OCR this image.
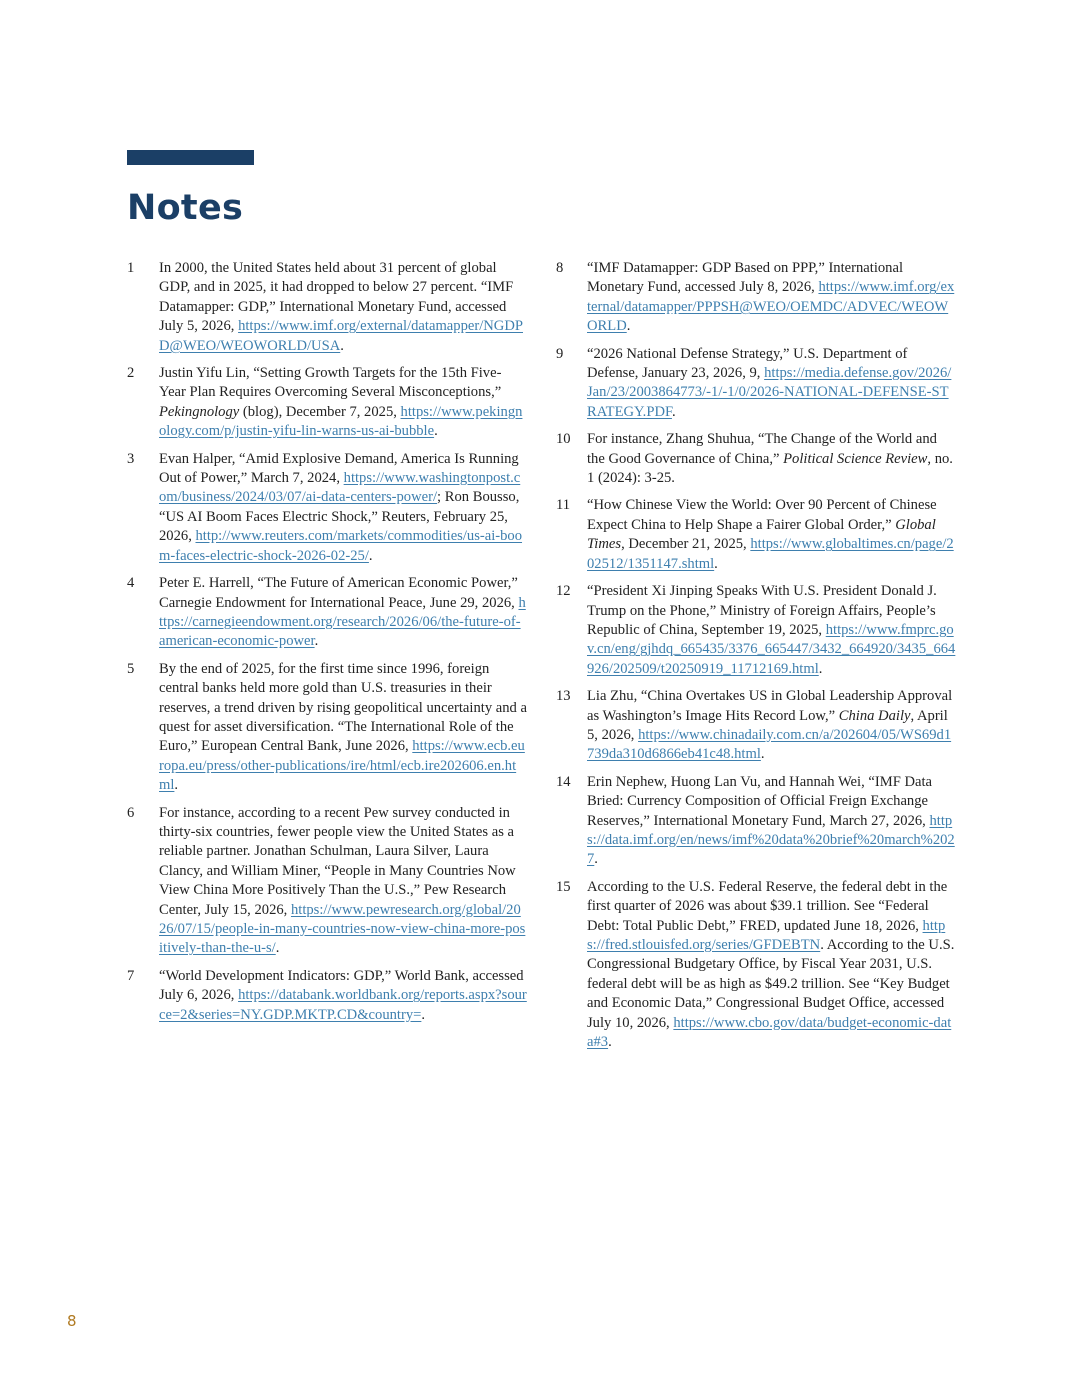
Notes
1 In 2000, the United States held about 31 percent of global GDP, and in 2025, it had dropped to below 27 percent. “IMF Datamapper: GDP,” International Monetary Fund, accessed July 5, 2026, https://www.imf.org/external/datamapper/NGDPD@WEO/WEOWORLD/USA.
2 Justin Yifu Lin, “Setting Growth Targets for the 15th Five-Year Plan Requires Overcoming Several Misconceptions,” Pekingnology (blog), December 7, 2025, https://www.pekingnology.com/p/justin-yifu-lin-warns-us-ai-bubble.
3 Evan Halper, “Amid Explosive Demand, America Is Running Out of Power,” March 7, 2024, https://www.washingtonpost.com/business/2024/03/07/ai-data-centers-power/; Ron Bousso, “US AI Boom Faces Electric Shock,” Reuters, February 25, 2026, http://www.reuters.com/markets/commodities/us-ai-boom-faces-electric-shock-2026-02-25/.
4 Peter E. Harrell, “The Future of American Economic Power,” Carnegie Endowment for International Peace, June 29, 2026, https://carnegieendowment.org/research/2026/06/the-future-of-american-economic-power.
5 By the end of 2025, for the first time since 1996, foreign central banks held more gold than U.S. treasuries in their reserves, a trend driven by rising geopolitical uncertainty and a quest for asset diversification. “The International Role of the Euro,” European Central Bank, June 2026, https://www.ecb.europa.eu/press/other-publications/ire/html/ecb.ire202606.en.html.
6 For instance, according to a recent Pew survey conducted in thirty-six countries, fewer people view the United States as a reliable partner. Jonathan Schulman, Laura Silver, Laura Clancy, and William Miner, “People in Many Countries Now View China More Positively Than the U.S.,” Pew Research Center, July 15, 2026, https://www.pewresearch.org/global/2026/07/15/people-in-many-countries-now-view-china-more-positively-than-the-u-s/.
7 “World Development Indicators: GDP,” World Bank, accessed July 6, 2026, https://databank.worldbank.org/reports.aspx?source=2&series=NY.GDP.MKTP.CD&country=.
8 “IMF Datamapper: GDP Based on PPP,” International Monetary Fund, accessed July 8, 2026, https://www.imf.org/external/datamapper/PPPSH@WEO/OEMDC/ADVEC/WEOWORLD.
9 “2026 National Defense Strategy,” U.S. Department of Defense, January 23, 2026, 9, https://media.defense.gov/2026/Jan/23/2003864773/-1/-1/0/2026-NATIONAL-DEFENSE-STRATEGY.PDF.
10 For instance, Zhang Shuhua, “The Change of the World and the Good Governance of China,” Political Science Review, no. 1 (2024): 3-25.
11 “How Chinese View the World: Over 90 Percent of Chinese Expect China to Help Shape a Fairer Global Order,” Global Times, December 21, 2025, https://www.globaltimes.cn/page/202512/1351147.shtml.
12 “President Xi Jinping Speaks With U.S. President Donald J. Trump on the Phone,” Ministry of Foreign Affairs, People’s Republic of China, September 19, 2025, https://www.fmprc.gov.cn/eng/gjhdq_665435/3376_665447/3432_664920/3435_664926/202509/t20250919_11712169.html.
13 Lia Zhu, “China Overtakes US in Global Leadership Approval as Washington’s Image Hits Record Low,” China Daily, April 5, 2026, https://www.chinadaily.com.cn/a/202604/05/WS69d1739da310d6866eb41c48.html.
14 Erin Nephew, Huong Lan Vu, and Hannah Wei, “IMF Data Bried: Currency Composition of Official Freign Exchange Reserves,” International Monetary Fund, March 27, 2026, https://data.imf.org/en/news/imf%20data%20brief%20march%2027.
15 According to the U.S. Federal Reserve, the federal debt in the first quarter of 2026 was about $39.1 trillion. See “Federal Debt: Total Public Debt,” FRED, updated June 18, 2026, https://fred.stlouisfed.org/series/GFDEBTN. According to the U.S. Congressional Budgetary Office, by Fiscal Year 2031, U.S. federal debt will be as high as $49.2 trillion. See “Key Budget and Economic Data,” Congressional Budget Office, accessed July 10, 2026, https://www.cbo.gov/data/budget-economic-data#3.
8
